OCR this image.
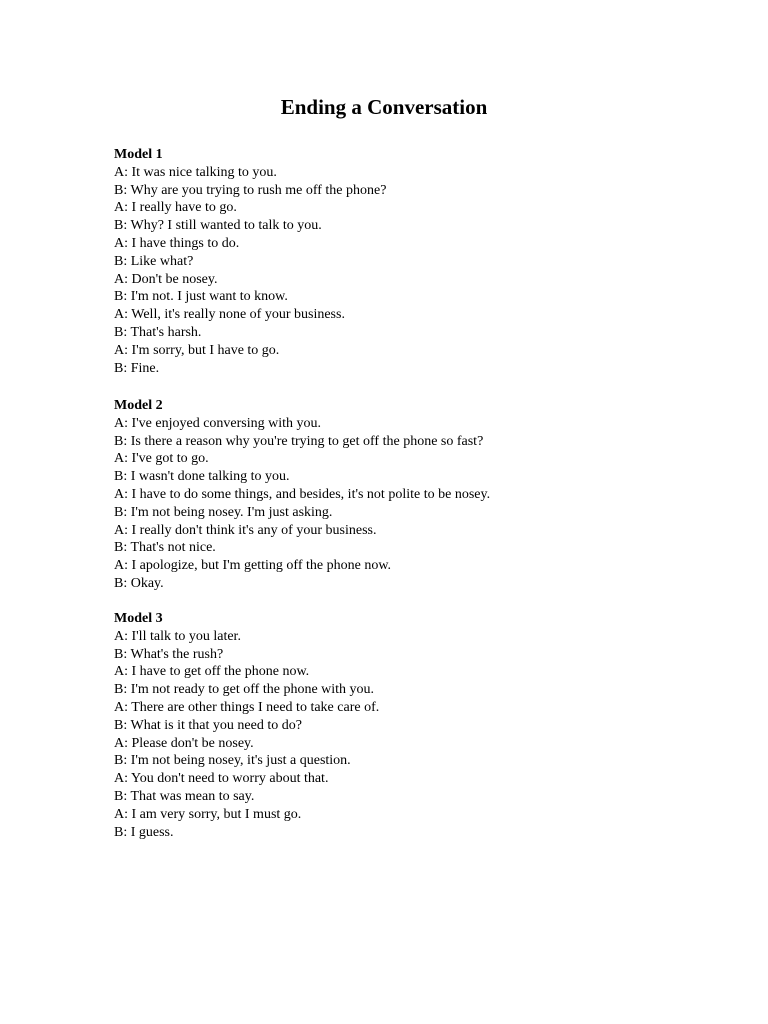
Ending a Conversation
Model 1
A: It was nice talking to you.
B: Why are you trying to rush me off the phone?
A: I really have to go.
B: Why? I still wanted to talk to you.
A: I have things to do.
B: Like what?
A: Don't be nosey.
B: I'm not. I just want to know.
A: Well, it's really none of your business.
B: That's harsh.
A: I'm sorry, but I have to go.
B: Fine.
Model 2
A: I've enjoyed conversing with you.
B: Is there a reason why you're trying to get off the phone so fast?
A: I've got to go.
B: I wasn't done talking to you.
A: I have to do some things, and besides, it's not polite to be nosey.
B: I'm not being nosey. I'm just asking.
A: I really don't think it's any of your business.
B: That's not nice.
A: I apologize, but I'm getting off the phone now.
B: Okay.
Model 3
A: I'll talk to you later.
B: What's the rush?
A: I have to get off the phone now.
B: I'm not ready to get off the phone with you.
A: There are other things I need to take care of.
B: What is it that you need to do?
A: Please don't be nosey.
B: I'm not being nosey, it's just a question.
A: You don't need to worry about that.
B: That was mean to say.
A: I am very sorry, but I must go.
B: I guess.
